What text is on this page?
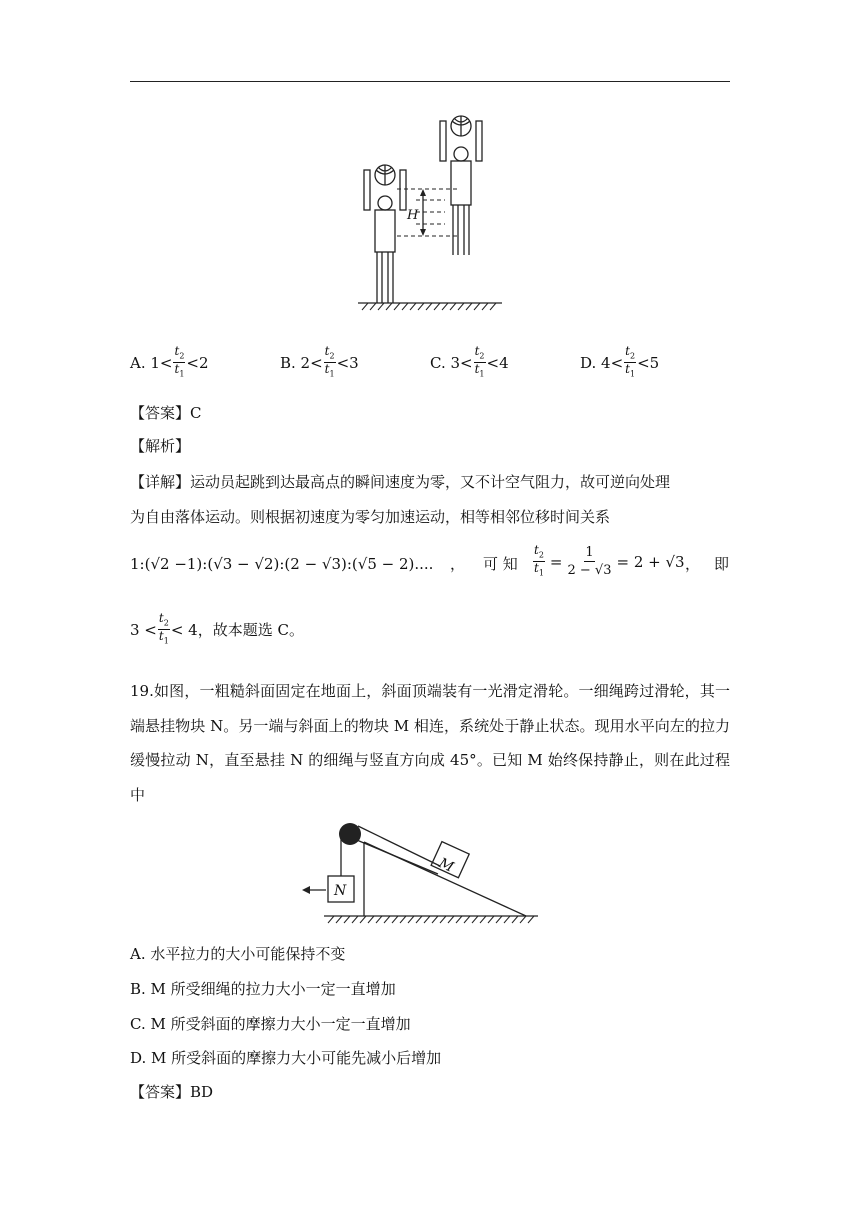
H
A. $1< \frac{t_2}{t_1} <2$	B. $2< \frac{t_2}{t_1} <3$	C. $3< \frac{t_2}{t_1} <4$	D. $4< \frac{t_2}{t_1} <5$
【答案】C
【解析】
【详解】运动员起跳到达最高点的瞬间速度为零，又不计空气阻力，故可逆向处理
为自由落体运动。则根据初速度为零匀加速运动，相等相邻位移时间关系
1:(√2 −1):(√3 − √2):(2 − √3):(√5 − 2).... ， 可 知 $\frac{t_2}{t_1} = \frac{1}{2 - √3} = 2 + √3$ ， 即
$3 < \frac{t_2}{t_1} < 4$ ，故本题选 C。
19.如图，一粗糙斜面固定在地面上，斜面顶端装有一光滑定滑轮。一细绳跨过滑轮，其一端悬挂物块 N。另一端与斜面上的物块 M 相连，系统处于静止状态。现用水平向左的拉力缓慢拉动 N，直至悬挂 N 的细绳与竖直方向成 45°。已知 M 始终保持静止，则在此过程中
N
M
A. 水平拉力的大小可能保持不变
B. M 所受细绳的拉力大小一定一直增加
C. M 所受斜面的摩擦力大小一定一直增加
D. M 所受斜面的摩擦力大小可能先减小后增加
【答案】BD
